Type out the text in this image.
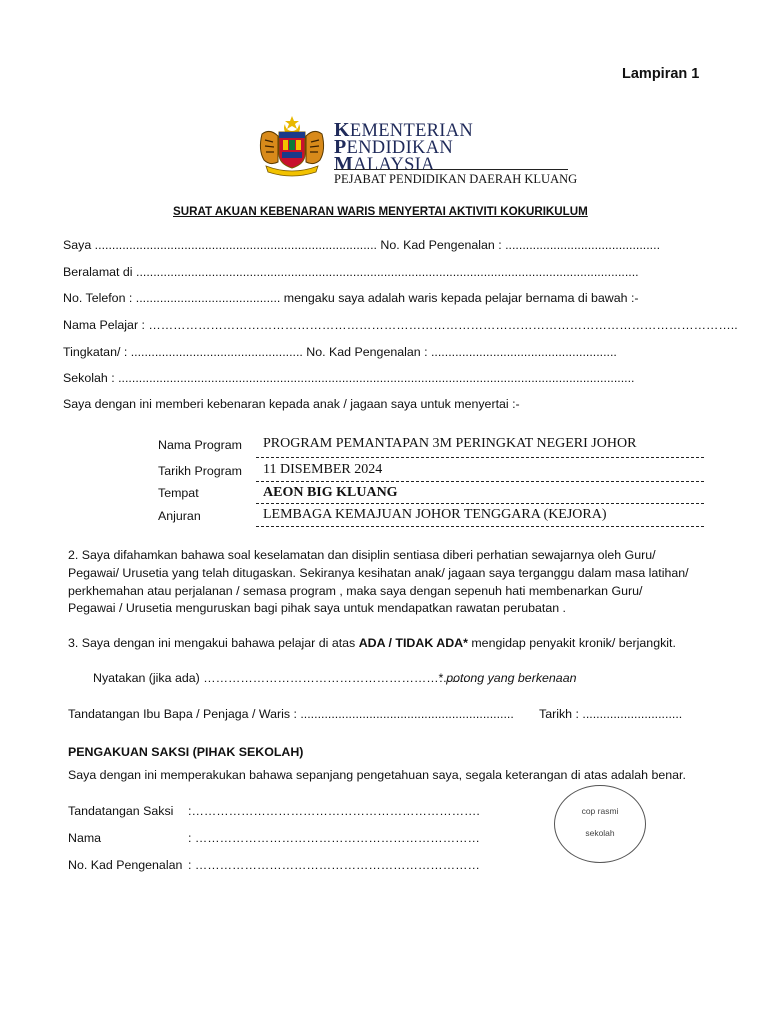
Lampiran 1
KEMENTERIAN
PENDIDIKAN
MALAYSIA
PEJABAT PENDIDIKAN DAERAH KLUANG
SURAT AKUAN KEBENARAN WARIS MENYERTAI AKTIVITI KOKURIKULUM
Saya .................................................................................. No. Kad Pengenalan : .............................................
Beralamat di ..................................................................................................................................................
No. Telefon : .......................................... mengaku saya adalah waris kepada pelajar bernama di bawah :-
Nama Pelajar : ……………………………………………………………………………………………………………………………..
Tingkatan/ : .................................................. No. Kad Pengenalan : ......................................................
Sekolah : ......................................................................................................................................................
Saya dengan ini memberi kebenaran kepada anak / jagaan saya untuk menyertai :-
Nama Program PROGRAM PEMANTAPAN 3M PERINGKAT NEGERI JOHOR
Tarikh Program 11 DISEMBER 2024
Tempat	AEON BIG KLUANG
Anjuran	LEMBAGA KEMAJUAN JOHOR TENGGARA (KEJORA)
2. Saya difahamkan bahawa soal keselamatan dan disiplin sentiasa diberi perhatian sewajarnya oleh Guru/
Pegawai/ Urusetia yang telah ditugaskan. Sekiranya kesihatan anak/ jagaan saya terganggu dalam masa latihan/
perkhemahan atau perjalanan / semasa program , maka saya dengan sepenuh hati membenarkan Guru/
Pegawai / Urusetia menguruskan bagi pihak saya untuk mendapatkan rawatan perubatan .
3. Saya dengan ini mengakui bahawa pelajar di atas ADA / TIDAK ADA* mengidap penyakit kronik/ berjangkit.
Nyatakan (jika ada) ……………………………………………………….
* potong yang berkenaan
Tandatangan Ibu Bapa / Penjaga / Waris : .............................................................. Tarikh : .............................
PENGAKUAN SAKSI (PIHAK SEKOLAH)
Saya dengan ini memperakukan bahawa sepanjang pengetahuan saya, segala keterangan di atas adalah benar.
Tandatangan Saksi :…………………………………………………………….
Nama	: ……………………………………………………………
No. Kad Pengenalan : ……………………………………………………………
cop rasmi
sekolah
